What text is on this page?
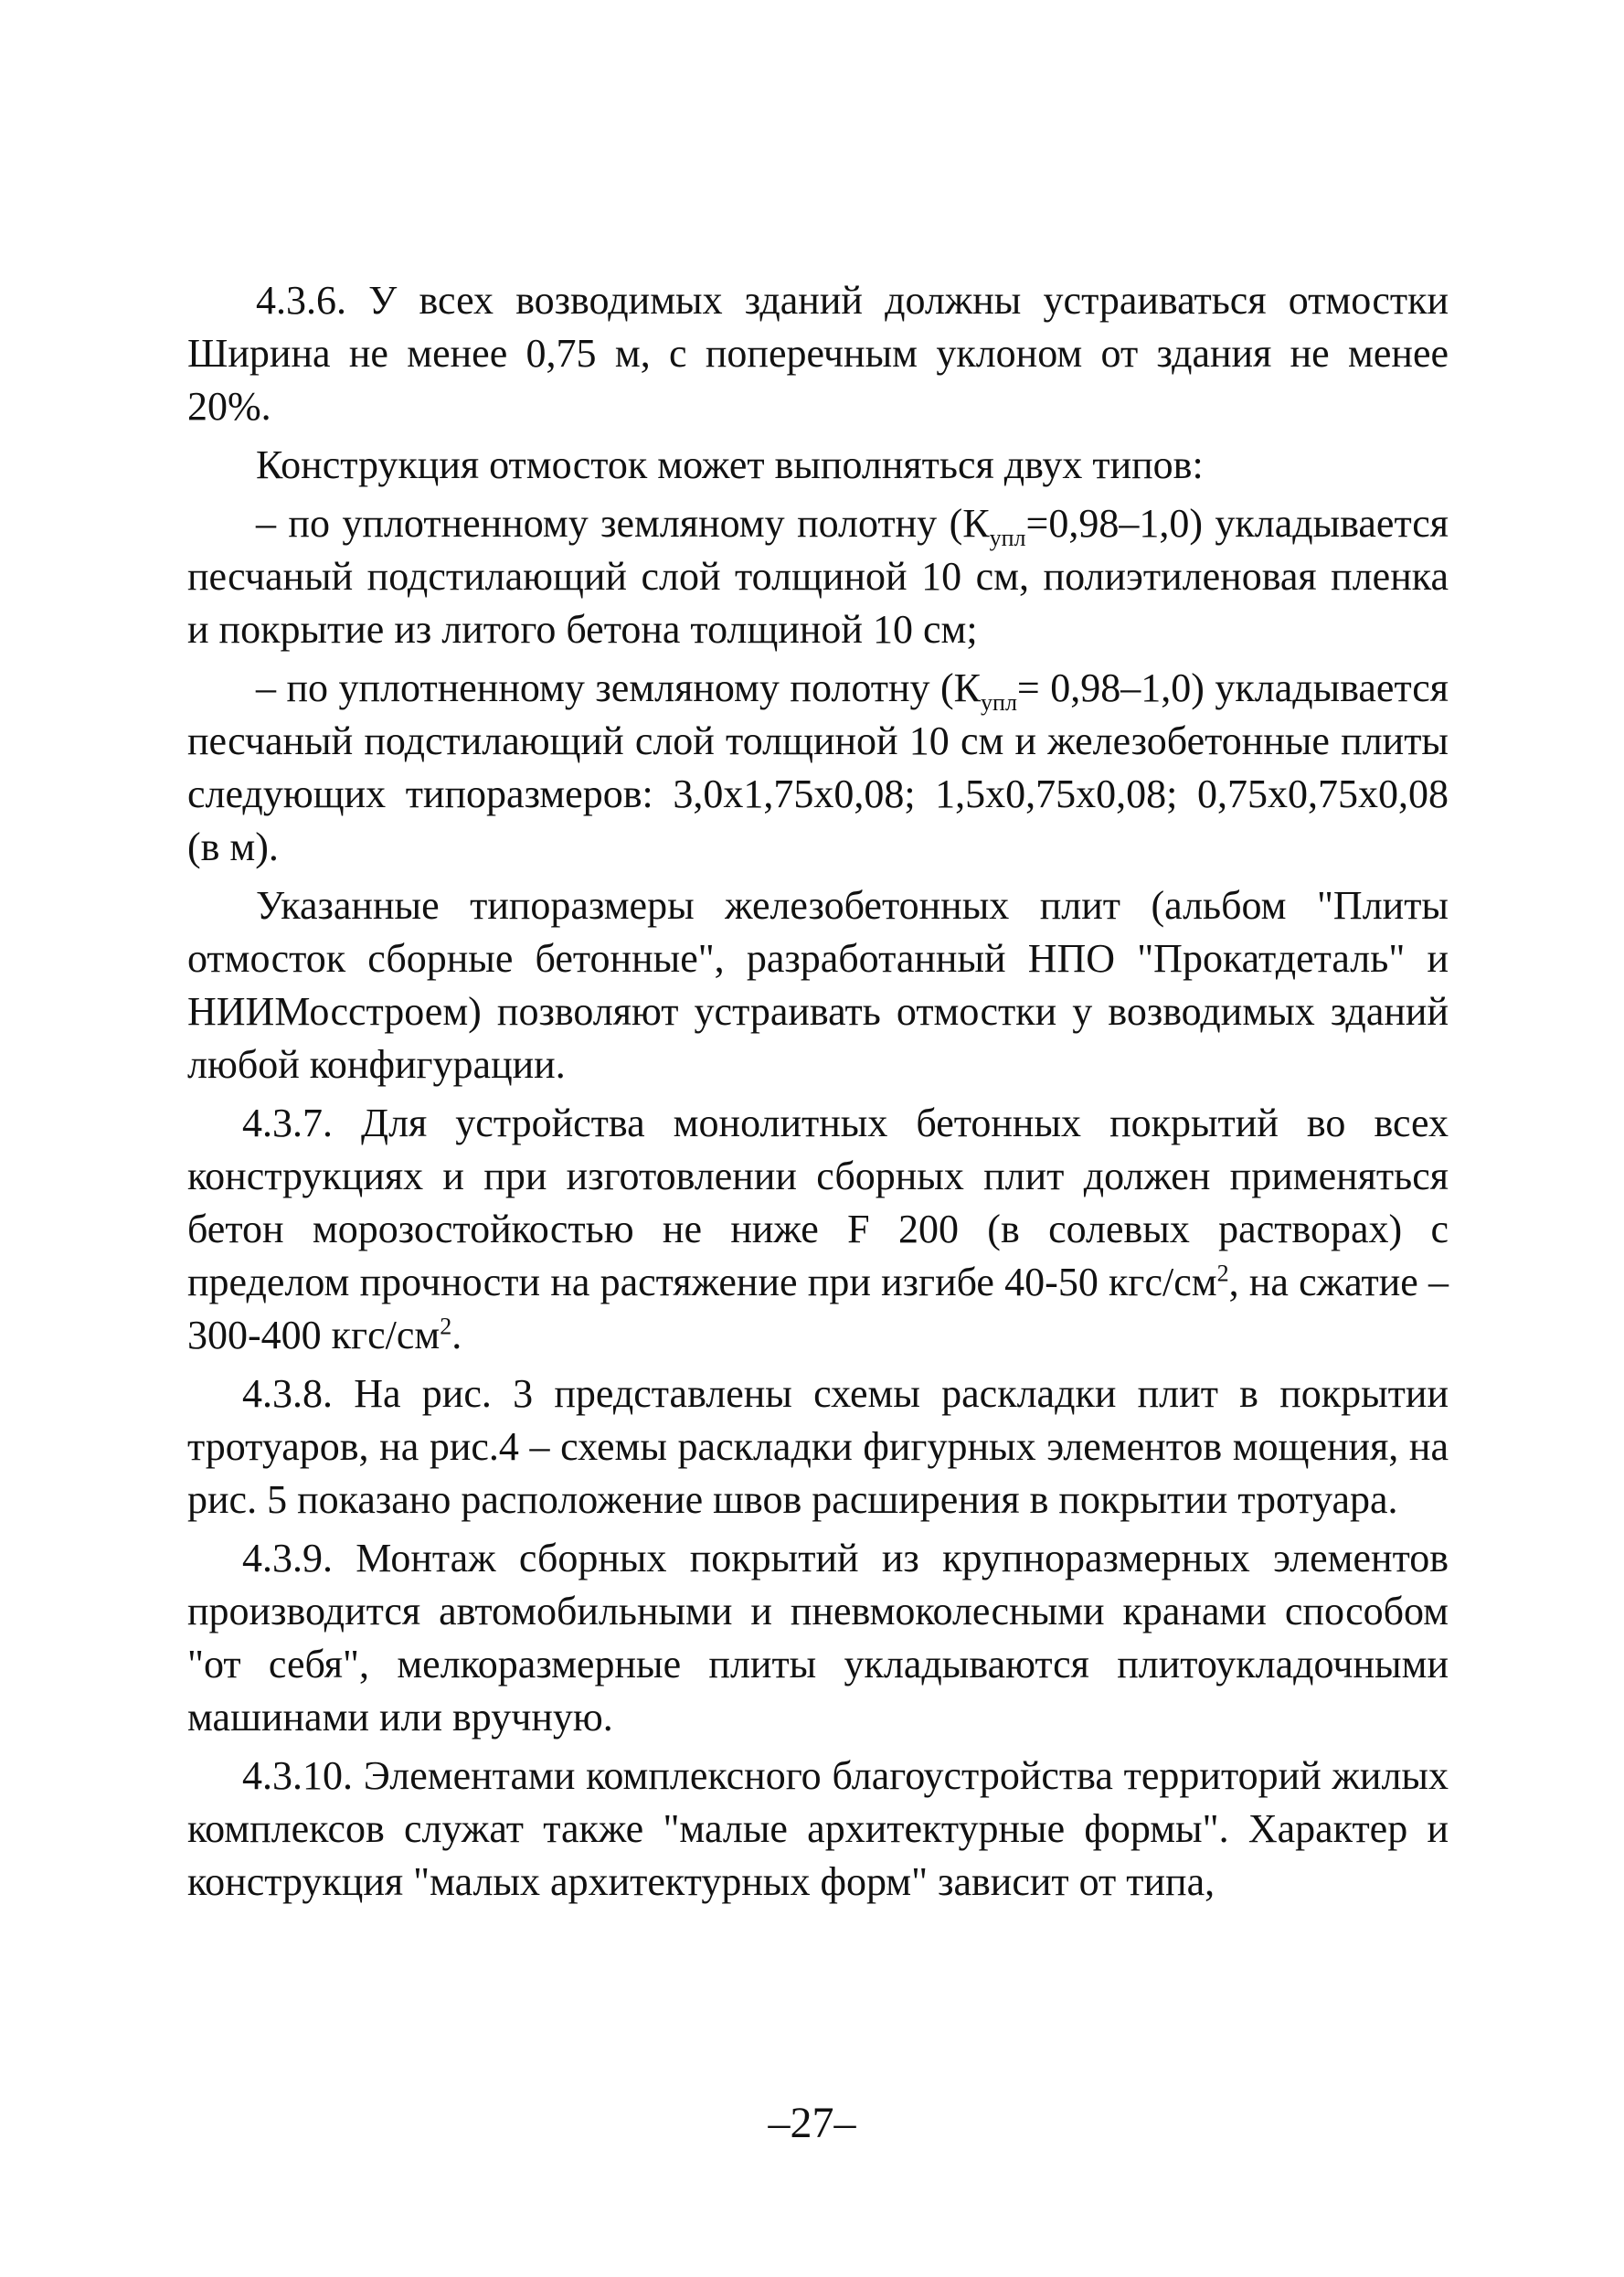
4.3.6. У всех возводимых зданий должны устраиваться отмостки Ширина не менее 0,75 м, с поперечным уклоном от здания не менее 20%.

Конструкция отмосток может выполняться двух типов:

– по уплотненному земляному полотну $(К_{упл}=0,98-1,0)$ укладывается песчаный подстилающий слой толщиной 10 см, полиэтиленовая пленка и покрытие из литого бетона толщиной 10 см;

– по уплотненному земляному полотну $(К_{упл}= 0,98-1,0)$ укладывается песчаный подстилающий слой толщиной 10 см и железобетонные плиты следующих типоразмеров: 3,0х1,75х0,08; 1,5х0,75х0,08; 0,75х0,75х0,08 (в м).

Указанные типоразмеры железобетонных плит (альбом "Плиты отмосток сборные бетонные", разработанный НПО "Прокатдеталь" и НИИМосстроем) позволяют устраивать отмостки у возводимых зданий любой конфигурации.

4.3.7. Для устройства монолитных бетонных покрытий во всех конструкциях и при изготовлении сборных плит должен применяться бетон морозостойкостью не ниже F 200 (в солевых растворах) с пределом прочности на растяжение при изгибе 40-50 кгс/$см^2$, на сжатие – 300-400 кгс/$см^2$.

4.3.8. На рис. 3 представлены схемы раскладки плит в покрытии тротуаров, на рис.4 – схемы раскладки фигурных элементов мощения, на рис. 5 показано расположение швов расширения в покрытии тротуара.

4.3.9. Монтаж сборных покрытий из крупноразмерных элементов производится автомобильными и пневмоколесными кранами способом "от себя", мелкоразмерные плиты укладываются плитоукладочными машинами или вручную.

4.3.10. Элементами комплексного благоустройства территорий жилых комплексов служат также "малые архитектурные формы". Характер и конструкция "малых архитектурных форм" зависит от типа,

–27–
